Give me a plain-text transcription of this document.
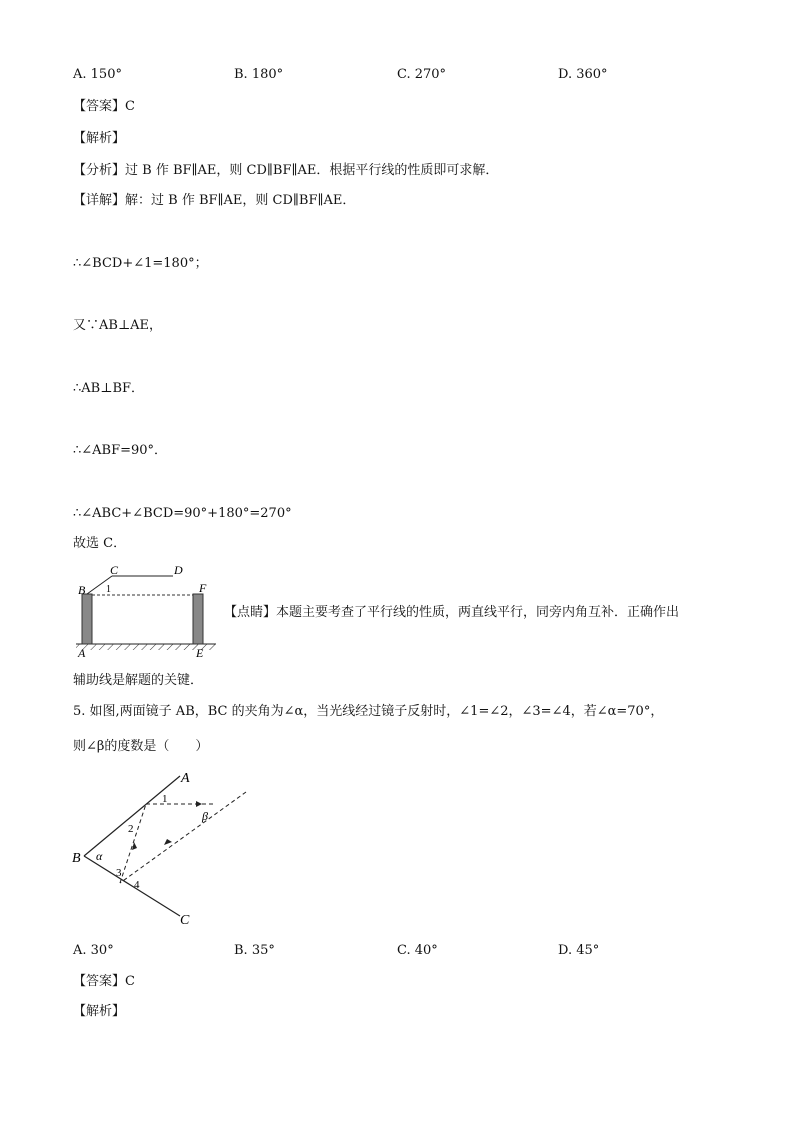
A. 150°	B. 180°	C. 270°	D. 360°
【答案】C
【解析】
【分析】过 B 作 BF∥AE，则 CD∥BF∥AE．根据平行线的性质即可求解．
【详解】解：过 B 作 BF∥AE，则 CD∥BF∥AE．
∴∠BCD+∠1=180°；
又∵AB⊥AE，
∴AB⊥BF．
∴∠ABF=90°．
∴∠ABC+∠BCD=90°+180°=270°
故选 C．
B
C	D
F
1
A	E
【点睛】本题主要考查了平行线的性质，两直线平行，同旁内角互补．正确作出
辅助线是解题的关键．
5. 如图,两面镜子 AB，BC 的夹角为∠α，当光线经过镜子反射时，∠1=∠2，∠3=∠4，若∠α=70°，
则∠β的度数是（　　）
A
B
C
α
β
1
2
3
4
A. 30°	B. 35°	C. 40°	D. 45°
【答案】C
【解析】
